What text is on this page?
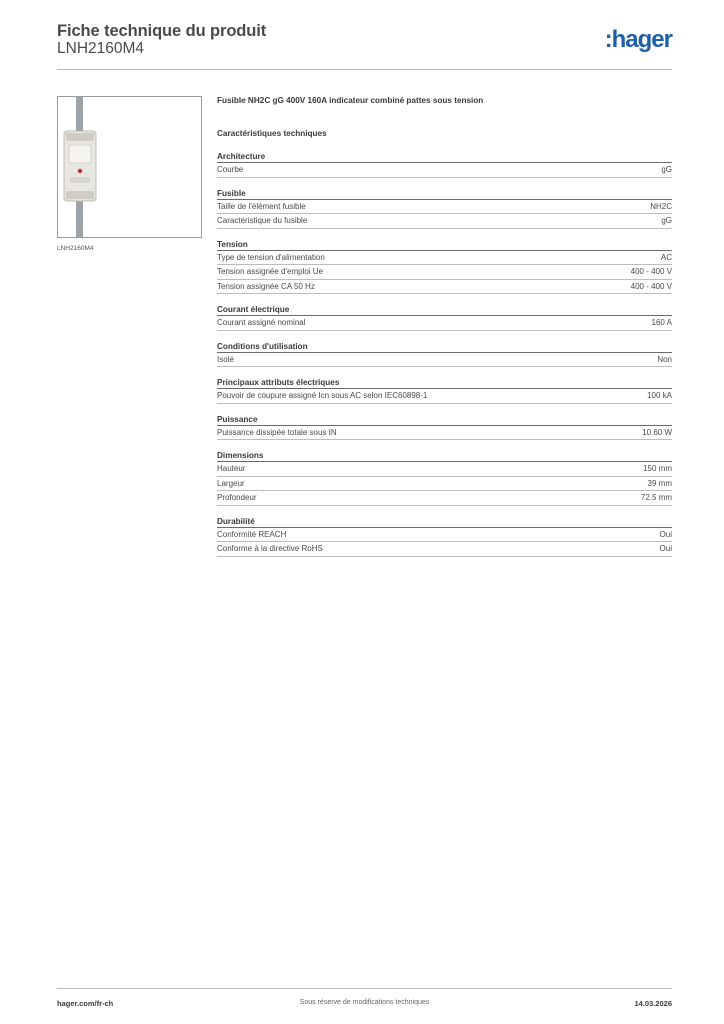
Fiche technique du produit
LNH2160M4	:hager
LNH2160M4
Fusible NH2C gG 400V 160A indicateur combiné pattes sous tension
Caractéristiques techniques
Architecture
Courbe	gG
Fusible
Taille de l'élément fusible	NH2C
Caractéristique du fusible	gG
Tension
Type de tension d'alimentation	AC
Tension assignée d'emploi Ue	400 - 400 V
Tension assignée CA 50 Hz	400 - 400 V
Courant électrique
Courant assigné nominal	160 A
Conditions d'utilisation
Isolé	Non
Principaux attributs électriques
Pouvoir de coupure assigné Icn sous AC selon IEC60898-1	100 kA
Puissance
Puissance dissipée totale sous IN	10.60 W
Dimensions
Hauteur	150 mm
Largeur	39 mm
Profondeur	72.5 mm
Durabilité
Conformité REACH	Oui
Conforme à la directive RoHS	Oui
hager.com/fr-ch	Sous réserve de modifications techniques	14.03.2026
